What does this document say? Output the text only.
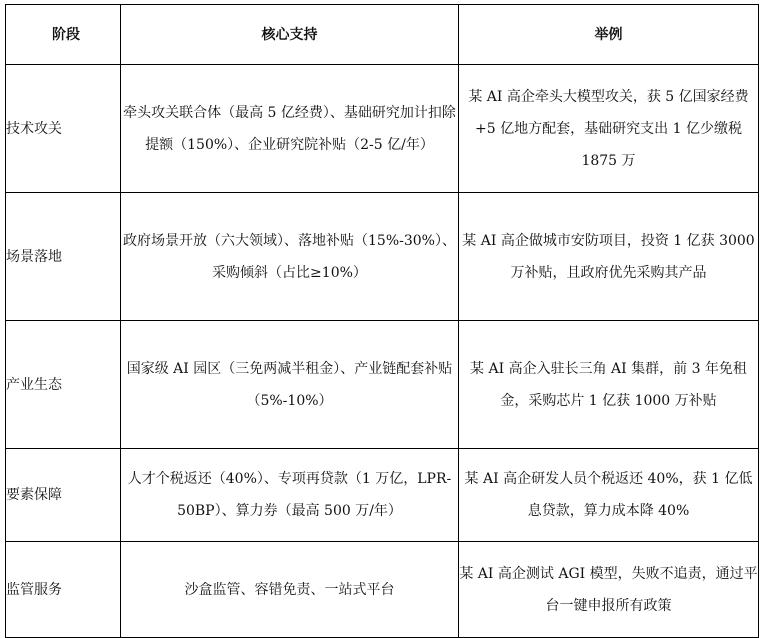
阶段	核心支持	举例
技术攻关	牵头攻关联合体（最高 5 亿经费）、基础研究加计扣除提额（150%）、企业研究院补贴（2-5 亿/年）	某 AI 高企牵头大模型攻关，获 5 亿国家经费+5 亿地方配套，基础研究支出 1 亿少缴税 1875 万
场景落地	政府场景开放（六大领域）、落地补贴（15%-30%）、采购倾斜（占比≥10%）	某 AI 高企做城市安防项目，投资 1 亿获 3000 万补贴，且政府优先采购其产品
产业生态	国家级 AI 园区（三免两减半租金）、产业链配套补贴（5%-10%）	某 AI 高企入驻长三角 AI 集群，前 3 年免租金，采购芯片 1 亿获 1000 万补贴
要素保障	人才个税返还（40%）、专项再贷款（1 万亿，LPR-50BP）、算力券（最高 500 万/年）	某 AI 高企研发人员个税返还 40%，获 1 亿低息贷款，算力成本降 40%
监管服务	沙盒监管、容错免责、一站式平台	某 AI 高企测试 AGI 模型，失败不追责，通过平台一键申报所有政策
